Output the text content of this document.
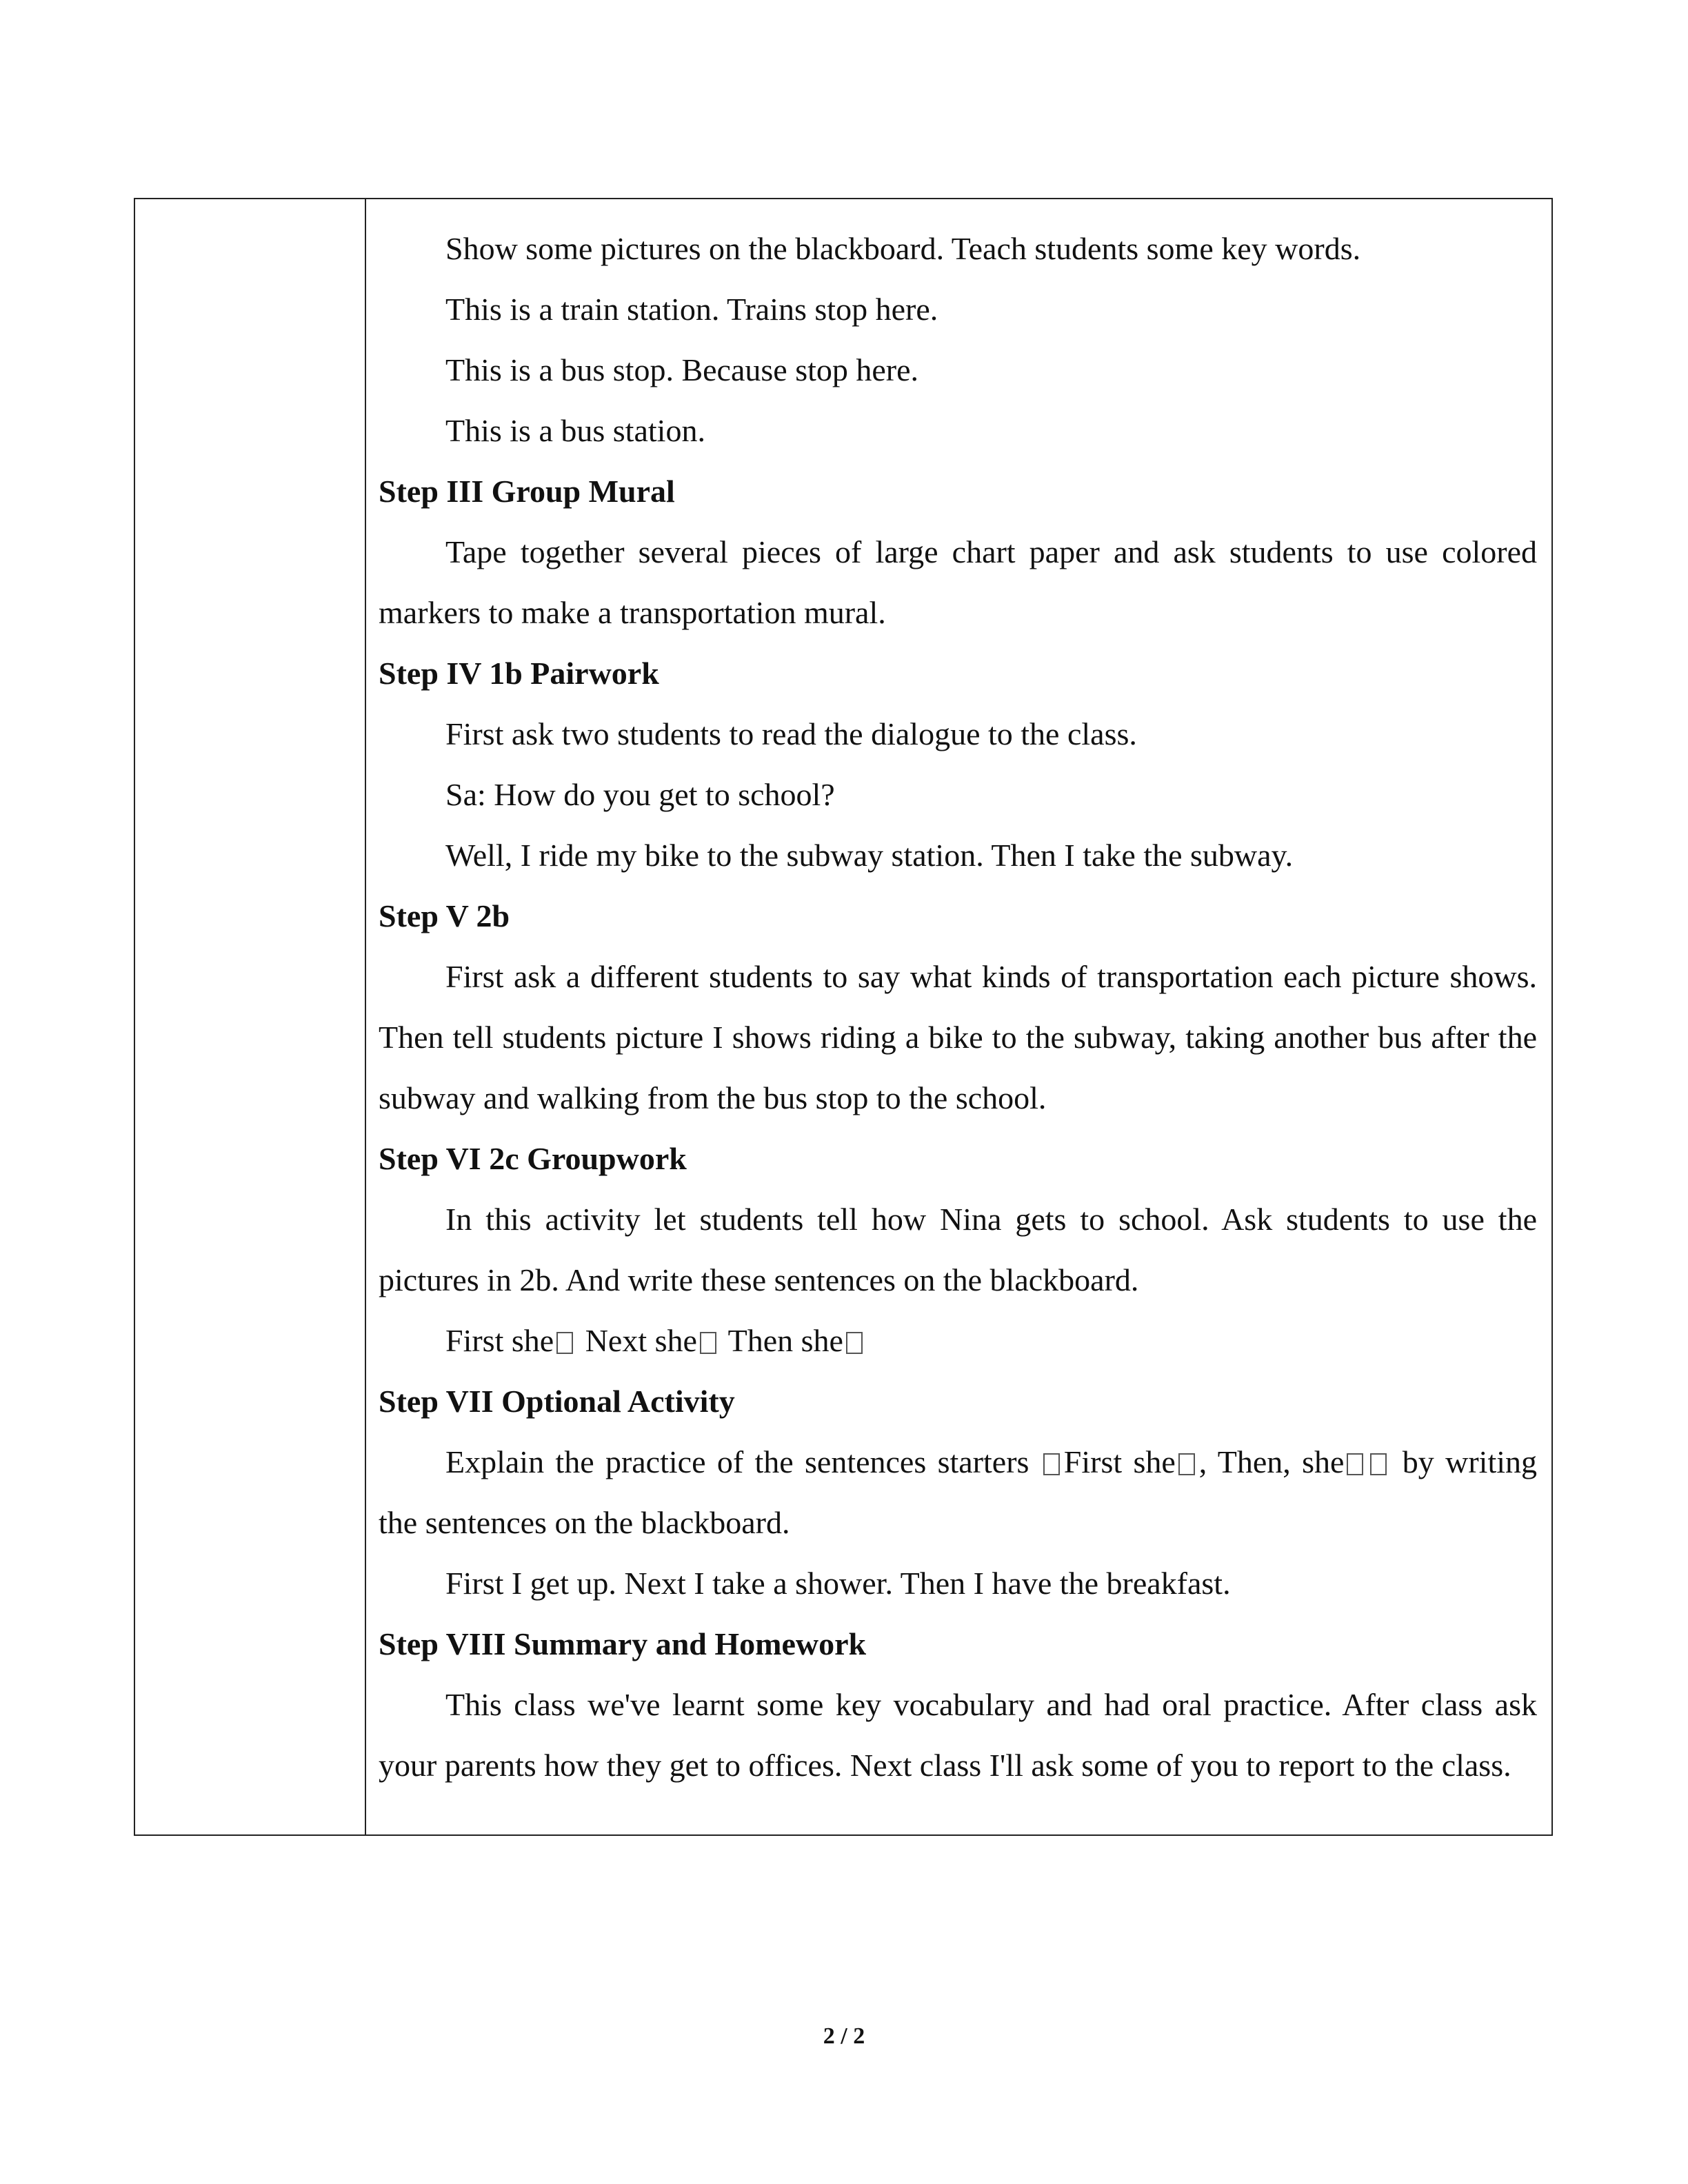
Show some pictures on the blackboard. Teach students some key words.

This is a train station. Trains stop here.

This is a bus stop. Because stop here.

This is a bus station.

Step III Group Mural

Tape together several pieces of large chart paper and ask students to use colored markers to make a transportation mural.

Step IV 1b Pairwork

First ask two students to read the dialogue to the class.

Sa: How do you get to school?

Well, I ride my bike to the subway station. Then I take the subway.

Step V 2b

First ask a different students to say what kinds of transportation each picture shows. Then tell students picture I shows riding a bike to the subway, taking another bus after the subway and walking from the bus stop to the school.

Step VI 2c Groupwork

In this activity let students tell how Nina gets to school. Ask students to use the pictures in 2b. And write these sentences on the blackboard.

First she Next she Then she

Step VII Optional Activity

Explain the practice of the sentences starters First she , Then, she by writing the sentences on the blackboard.

First I get up. Next I take a shower. Then I have the breakfast.

Step VIII Summary and Homework

This class we've learnt some key vocabulary and had oral practice. After class ask your parents how they get to offices. Next class I'll ask some of you to report to the class.

2 / 2
